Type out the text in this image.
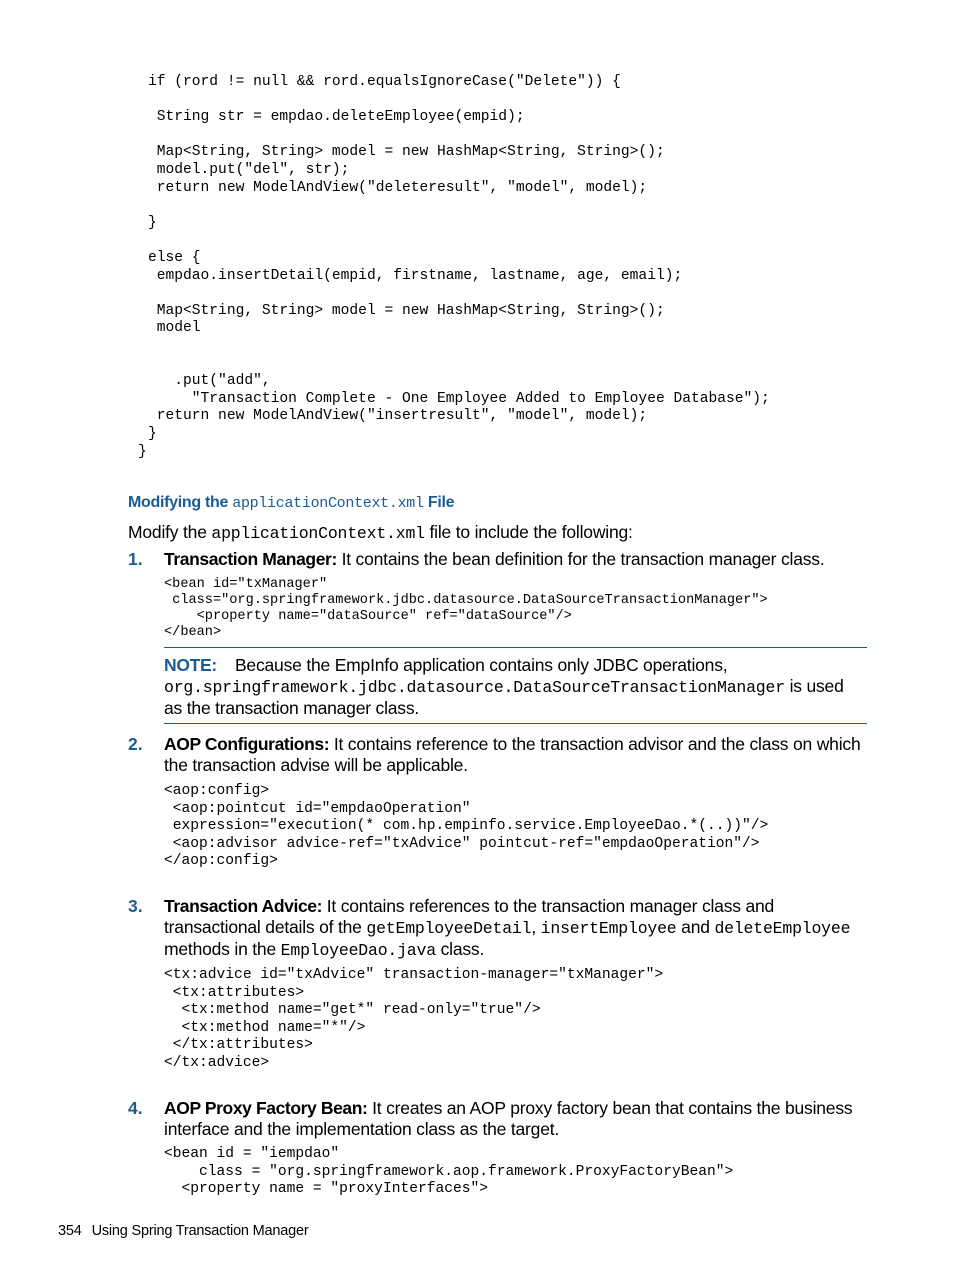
if (rord != null && rord.equalsIgnoreCase("Delete")) {

String str = empdao.deleteEmployee(empid);

Map<String, String> model = new HashMap<String, String>();
model.put("del", str);
return new ModelAndView("deleteresult", "model", model);

}

else {
empdao.insertDetail(empid, firstname, lastname, age, email);

Map<String, String> model = new HashMap<String, String>();
model

.put("add",
"Transaction Complete - One Employee Added to Employee Database");
return new ModelAndView("insertresult", "model", model);
}

}
Modifying the applicationContext.xml File
Modify the applicationContext.xml file to include the following:
1. Transaction Manager: It contains the bean definition for the transaction manager class.
<bean id="txManager"
class="org.springframework.jdbc.datasource.DataSourceTransactionManager">
<property name="dataSource" ref="dataSource"/>
</bean>
NOTE: Because the EmpInfo application contains only JDBC operations,
org.springframework.jdbc.datasource.DataSourceTransactionManager is used as the transaction manager class.
2. AOP Configurations: It contains reference to the transaction advisor and the class on which the transaction advise will be applicable.
<aop:config>
<aop:pointcut id="empdaoOperation"
expression="execution(* com.hp.empinfo.service.EmployeeDao.*(..))"/>
<aop:advisor advice-ref="txAdvice" pointcut-ref="empdaoOperation"/>
</aop:config>
3. Transaction Advice: It contains references to the transaction manager class and transactional details of the getEmployeeDetail, insertEmployee and deleteEmployee methods in the EmployeeDao.java class.
<tx:advice id="txAdvice" transaction-manager="txManager">
<tx:attributes>
<tx:method name="get*" read-only="true"/>
<tx:method name="*"/>
</tx:attributes>
</tx:advice>
4. AOP Proxy Factory Bean: It creates an AOP proxy factory bean that contains the business interface and the implementation class as the target.
<bean id = "iempdao"
class = "org.springframework.aop.framework.ProxyFactoryBean">
<property name = "proxyInterfaces">
354 Using Spring Transaction Manager
